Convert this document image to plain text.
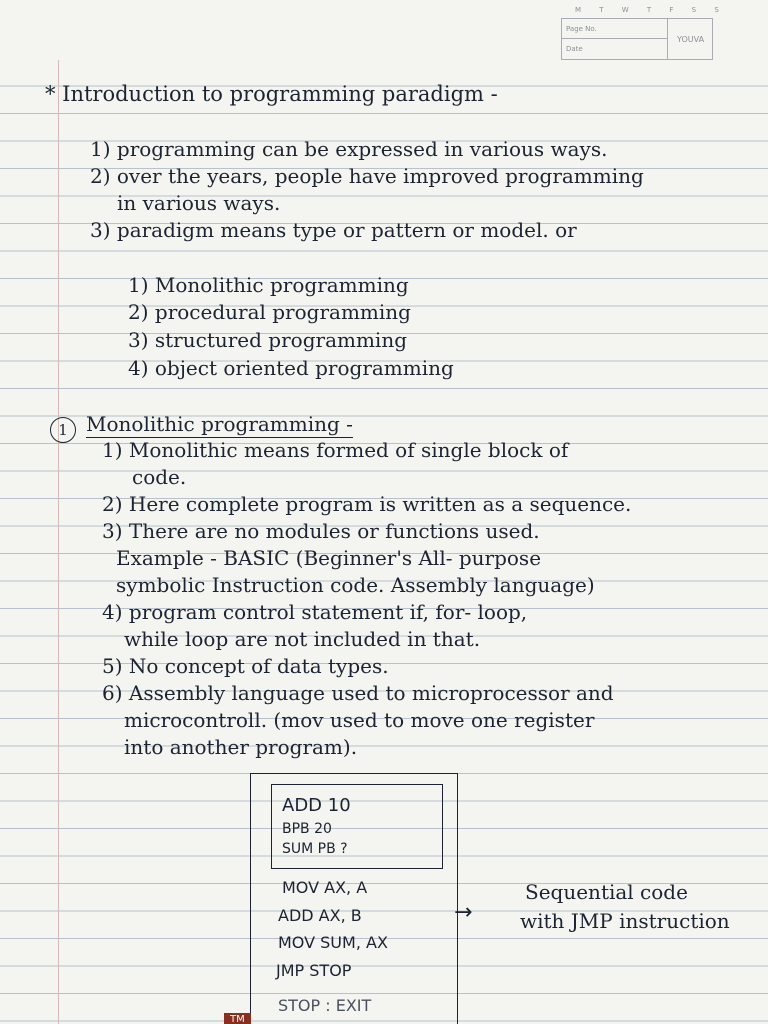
M T W T F S S
Page No.
Date
YOUVA
* Introduction to programming paradigm -
1) programming can be expressed in various ways.
2) over the years, people have improved programming
in various ways.
3) paradigm means type or pattern or model. or
1) Monolithic programming
2) procedural programming
3) structured programming
4) object oriented programming
1 Monolithic programming -
1) Monolithic means formed of single block of
code.
2) Here complete program is written as a sequence.
3) There are no modules or functions used.
Example - BASIC (Beginner's All- purpose
symbolic Instruction code. Assembly language)
4) program control statement if, for- loop,
while loop are not included in that.
5) No concept of data types.
6) Assembly language used to microprocessor and
microcontroll. (mov used to move one register
into another program).
ADD 10
BPB 20
SUM PB ?
MOV AX, A
ADD AX, B
MOV SUM, AX
JMP STOP
STOP : EXIT
→
Sequential code
with JMP instruction
TM
